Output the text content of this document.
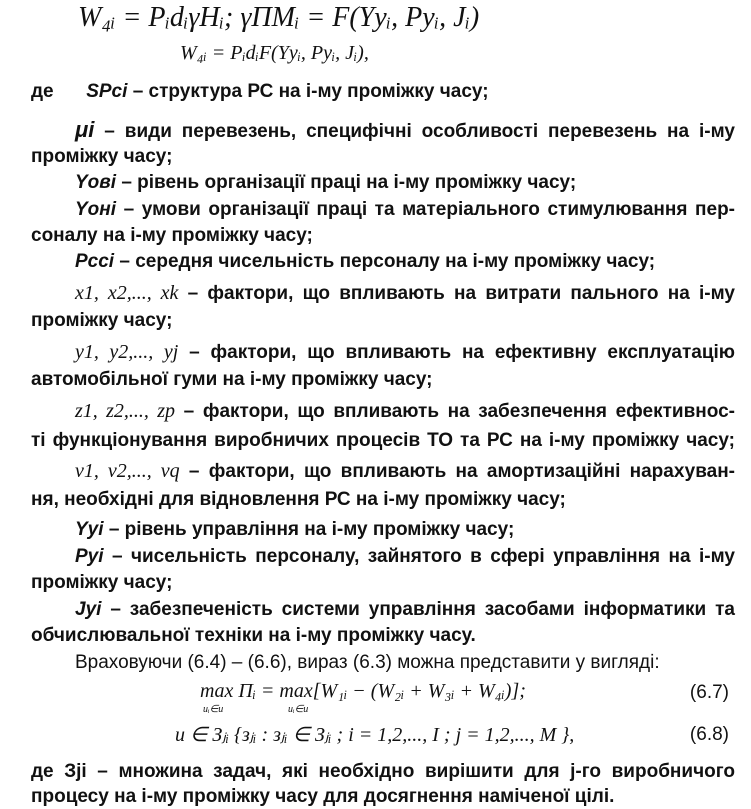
W₄ᵢ = PᵢdᵢγHᵢ; γПМᵢ = F(Yyᵢ, Pyᵢ, Jᵢ)
W₄ᵢ = PᵢdᵢF(Yyᵢ, Pyᵢ, Jᵢ),
де SPci – структура РС на і-му проміжку часу;
μi – види перевезень, специфічні особливості перевезень на і-му
проміжку часу;
Yовi – рівень організації праці на і-му проміжку часу;
Yоні – умови організації праці та матеріального стимулювання пер-
соналу на і-му проміжку часу;
Pссі – середня чисельність персоналу на і-му проміжку часу;
x1, x2,..., xk – фактори, що впливають на витрати пального на і-му
проміжку часу;
y1, y2,..., yj – фактори, що впливають на ефективну експлуатацію
автомобільної гуми на і-му проміжку часу;
z1, z2,..., zp – фактори, що впливають на забезпечення ефективнос-
ті функціонування виробничих процесів ТО та РС на і-му проміжку часу;
ν1, ν2,..., νq – фактори, що впливають на амортизаційні нарахуван-
ня, необхідні для відновлення РС на і-му проміжку часу;
Yyi – рівень управління на і-му проміжку часу;
Pyi – чисельність персоналу, зайнятого в сфері управління на і-му
проміжку часу;
Jyi – забезпеченість системи управління засобами інформатики та
обчислювальної техніки на і-му проміжку часу.
Враховуючи (6.4) – (6.6), вираз (6.3) можна представити у вигляді:
max Пᵢ = max[W₁ᵢ − (W₂ᵢ + W₃ᵢ + W₄ᵢ)];
uᵢ∈u	uᵢ∈u
(6.7)
u ∈ Зⱼᵢ {зⱼᵢ : зⱼᵢ ∈ Зⱼᵢ ; i = 1,2,..., I ; j = 1,2,..., M },	(6.8)
де Зji – множина задач, які необхідно вирішити для j-го виробничого
процесу на і-му проміжку часу для досягнення наміченої цілі.
